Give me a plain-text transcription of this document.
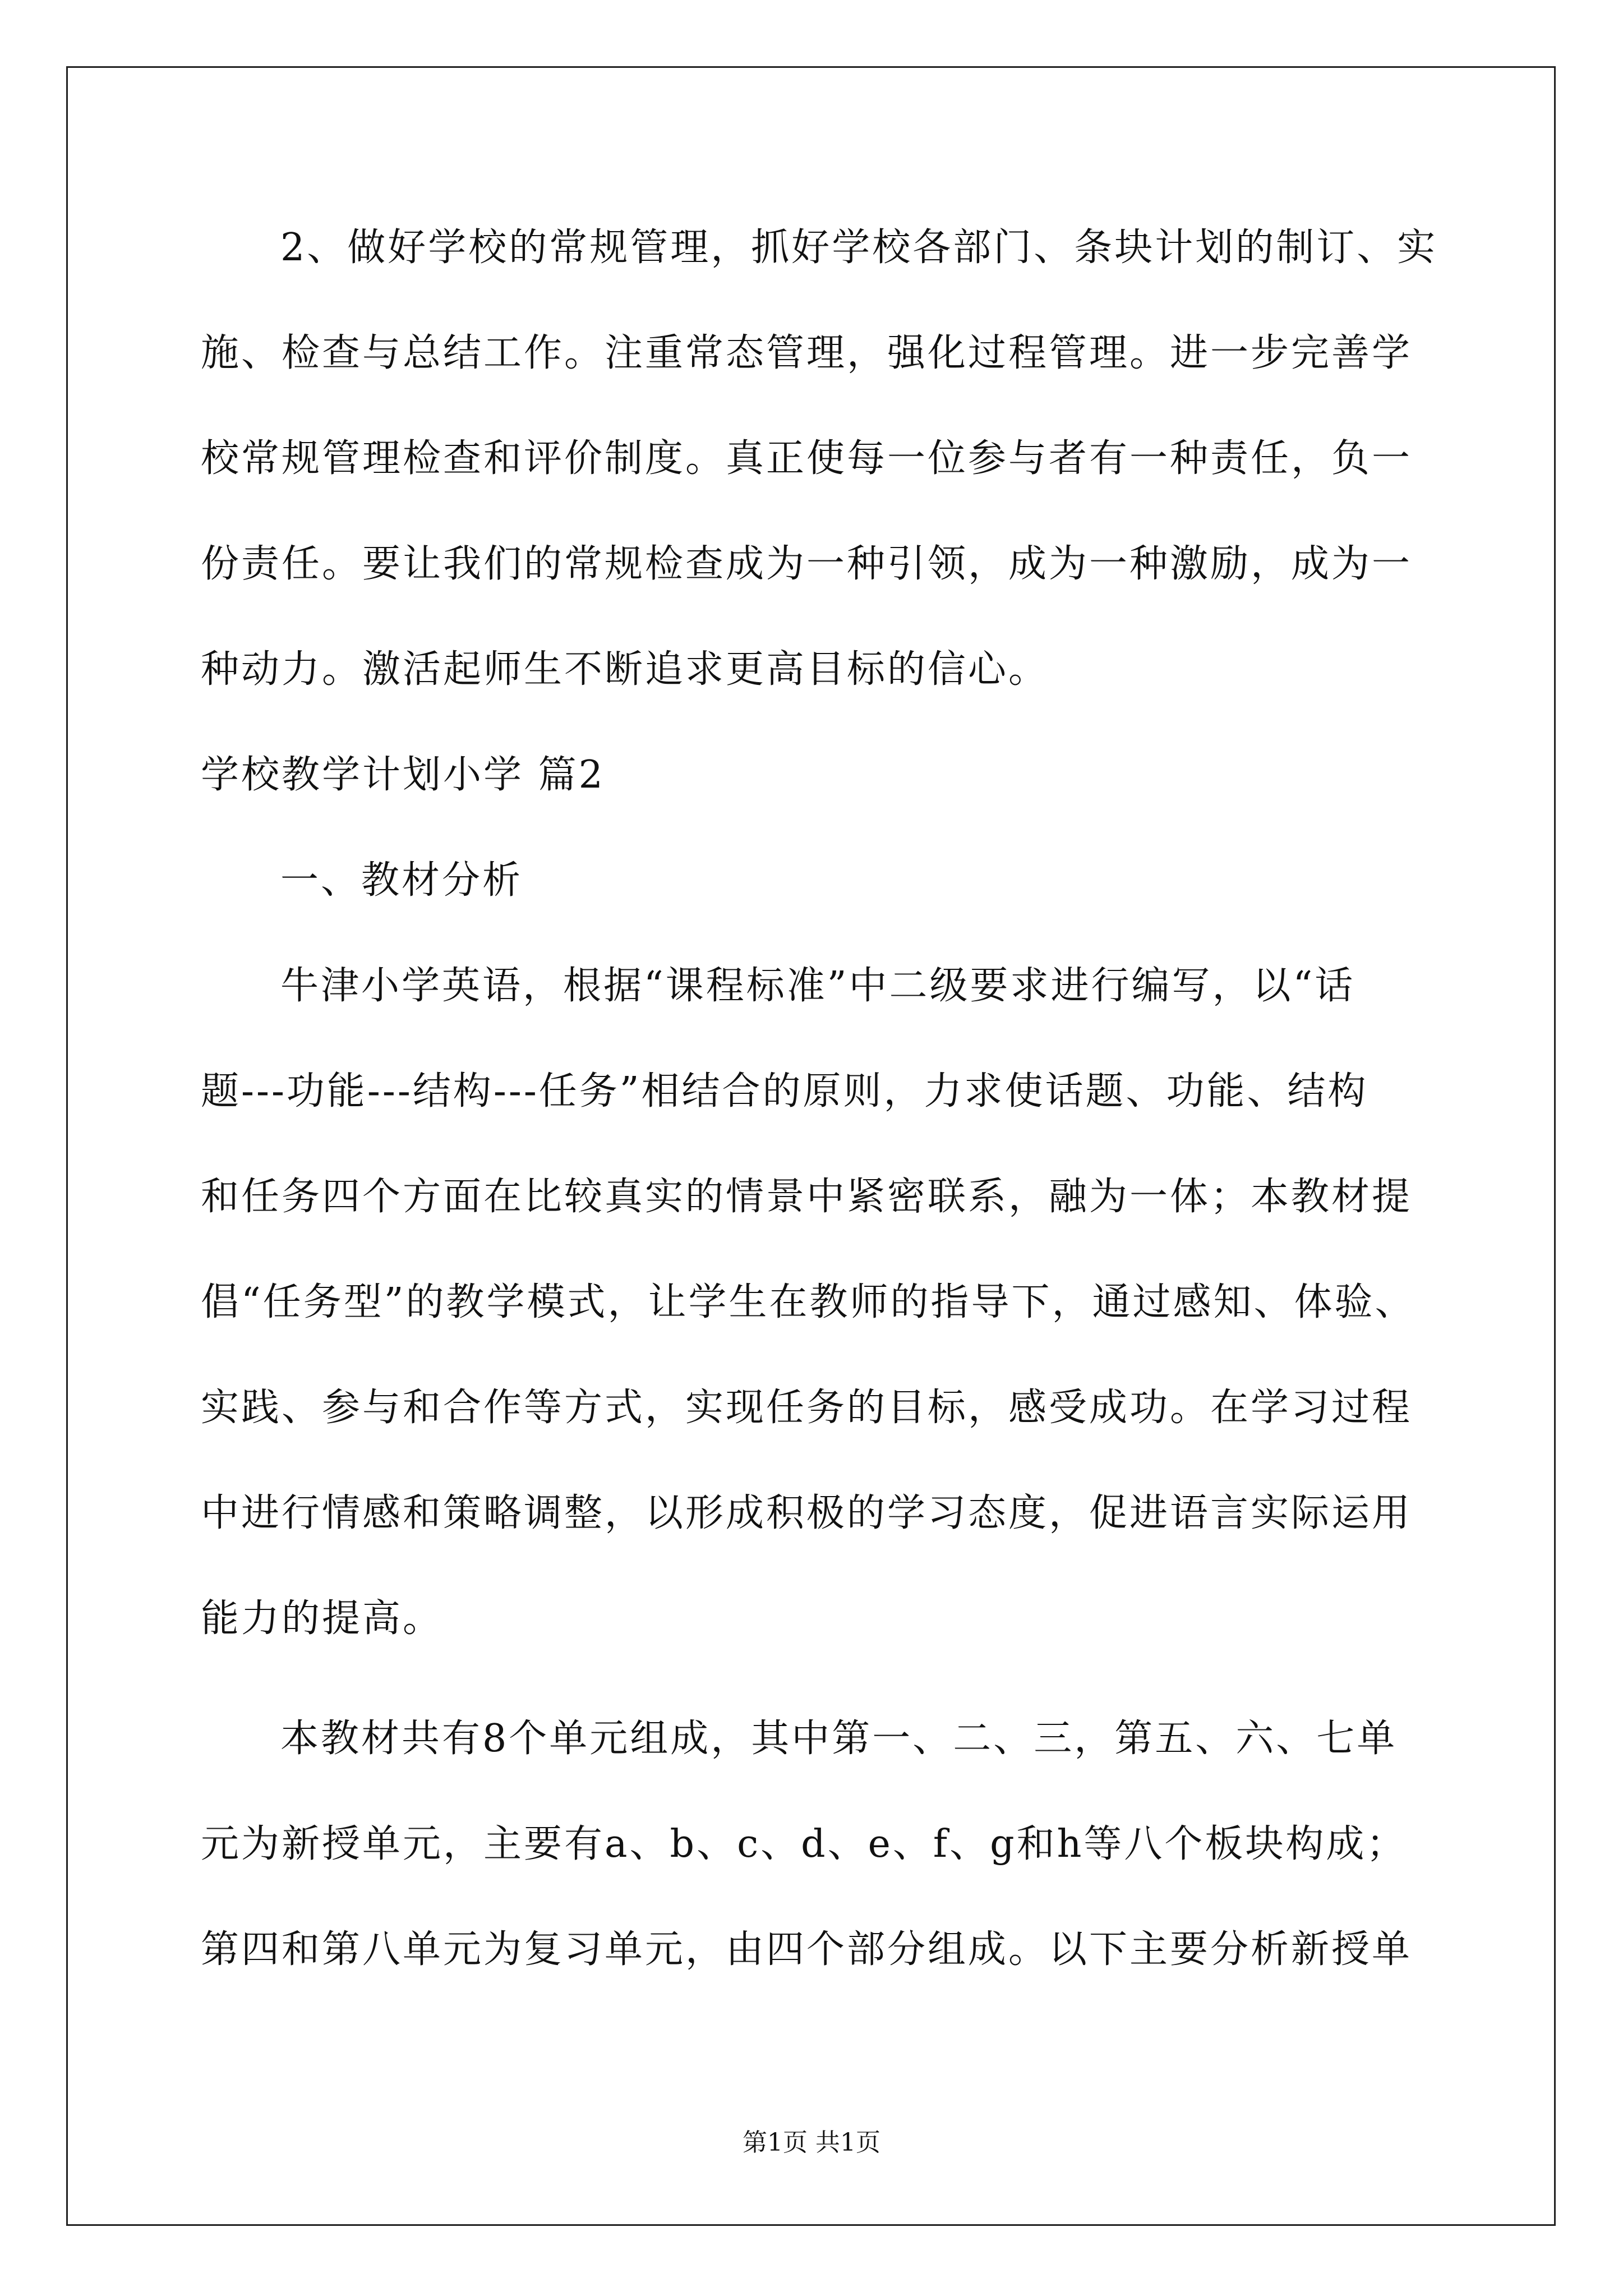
2、做好学校的常规管理，抓好学校各部门、条块计划的制订、实
施、检查与总结工作。注重常态管理，强化过程管理。进一步完善学
校常规管理检查和评价制度。真正使每一位参与者有一种责任，负一
份责任。要让我们的常规检查成为一种引领，成为一种激励，成为一
种动力。激活起师生不断追求更高目标的信心。
学校教学计划小学 篇2
一、教材分析
牛津小学英语，根据“课程标准”中二级要求进行编写，以“话
题---功能---结构---任务”相结合的原则，力求使话题、功能、结构
和任务四个方面在比较真实的情景中紧密联系，融为一体；本教材提
倡“任务型”的教学模式，让学生在教师的指导下，通过感知、体验、
实践、参与和合作等方式，实现任务的目标，感受成功。在学习过程
中进行情感和策略调整，以形成积极的学习态度，促进语言实际运用
能力的提高。
本教材共有8个单元组成，其中第一、二、三，第五、六、七单
元为新授单元，主要有a、b、c、d、e、f、g和h等八个板块构成；
第四和第八单元为复习单元，由四个部分组成。以下主要分析新授单
第1页 共1页
